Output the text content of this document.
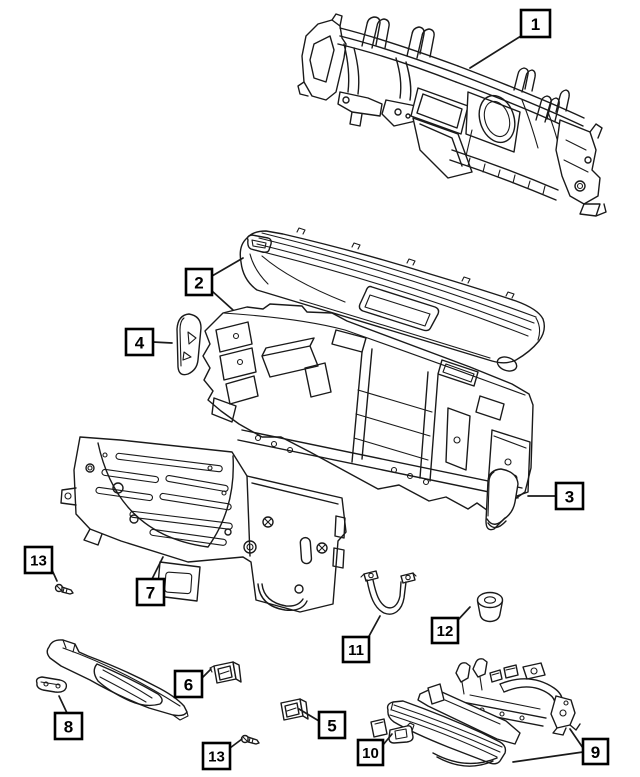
1
2
4
3
13
7
11
12
8
6
5
13	10	9
